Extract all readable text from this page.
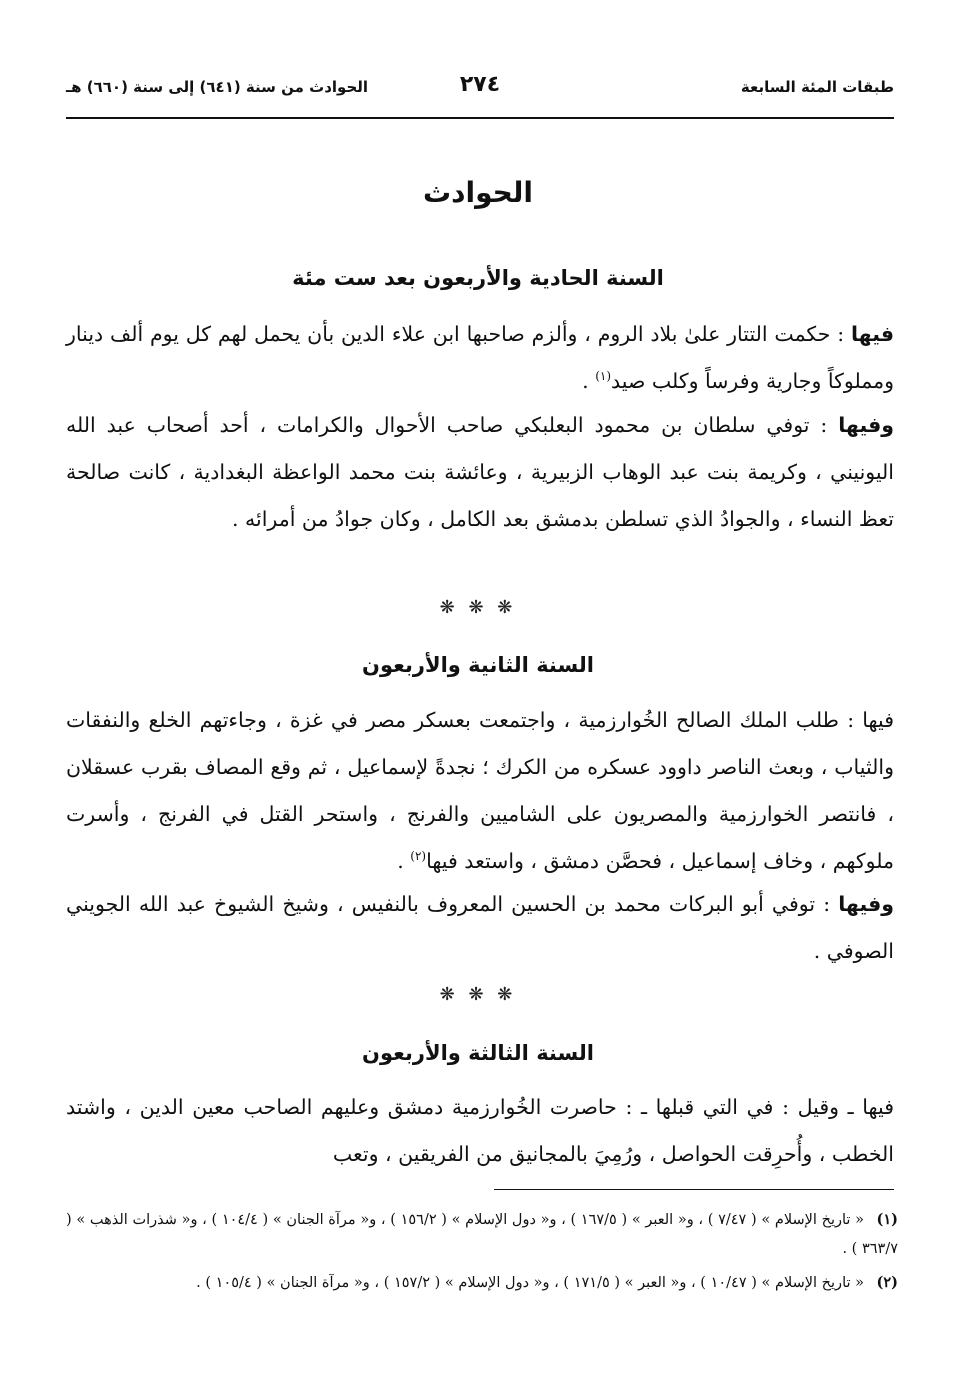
طبقات المئة السابعة
٢٧٤
الحوادث من سنة (٦٤١) إلى سنة (٦٦٠) هـ
الحوادث
السنة الحادية والأربعون بعد ست مئة
فيها : حكمت التتار علىٰ بلاد الروم ، وألزم صاحبها ابن علاء الدين بأن يحمل لهم كل يوم ألف دينار ومملوكاً وجارية وفرساً وكلب صيد$^{(١)}$ .
وفيها : توفي سلطان بن محمود البعلبكي صاحب الأحوال والكرامات ، أحد أصحاب عبد الله اليونيني ، وكريمة بنت عبد الوهاب الزبيرية ، وعائشة بنت محمد الواعظة البغدادية ، كانت صالحة تعظ النساء ، والجوادُ الذي تسلطن بدمشق بعد الكامل ، وكان جوادُ من أمرائه .
❋ ❋ ❋
السنة الثانية والأربعون
فيها : طلب الملك الصالح الخُوارزمية ، واجتمعت بعسكر مصر في غزة ، وجاءتهم الخلع والنفقات والثياب ، وبعث الناصر داوود عسكره من الكرك ؛ نجدةً لإسماعيل ، ثم وقع المصاف بقرب عسقلان ، فانتصر الخوارزمية والمصريون على الشاميين والفرنج ، واستحر القتل في الفرنج ، وأسرت ملوكهم ، وخاف إسماعيل ، فحصَّن دمشق ، واستعد فيها$^{(٢)}$ .
وفيها : توفي أبو البركات محمد بن الحسين المعروف بالنفيس ، وشيخ الشيوخ عبد الله الجويني الصوفي .
❋ ❋ ❋
السنة الثالثة والأربعون
فيها ـ وقيل : في التي قبلها ـ : حاصرت الخُوارزمية دمشق وعليهم الصاحب معين الدين ، واشتد الخطب ، وأُحرِقت الحواصل ، ورُمِيَ بالمجانيق من الفريقين ، وتعب
(١)« تاريخ الإسلام » ( ٧/٤٧ ) ، و« العبر » ( ١٦٧/٥ ) ، و« دول الإسلام » ( ١٥٦/٢ ) ، و« مرآة الجنان » ( ١٠٤/٤ ) ، و« شذرات الذهب » ( ٣٦٣/٧ ) .
(٢)« تاريخ الإسلام » ( ١٠/٤٧ ) ، و« العبر » ( ١٧١/٥ ) ، و« دول الإسلام » ( ١٥٧/٢ ) ، و« مرآة الجنان » ( ١٠٥/٤ ) .
